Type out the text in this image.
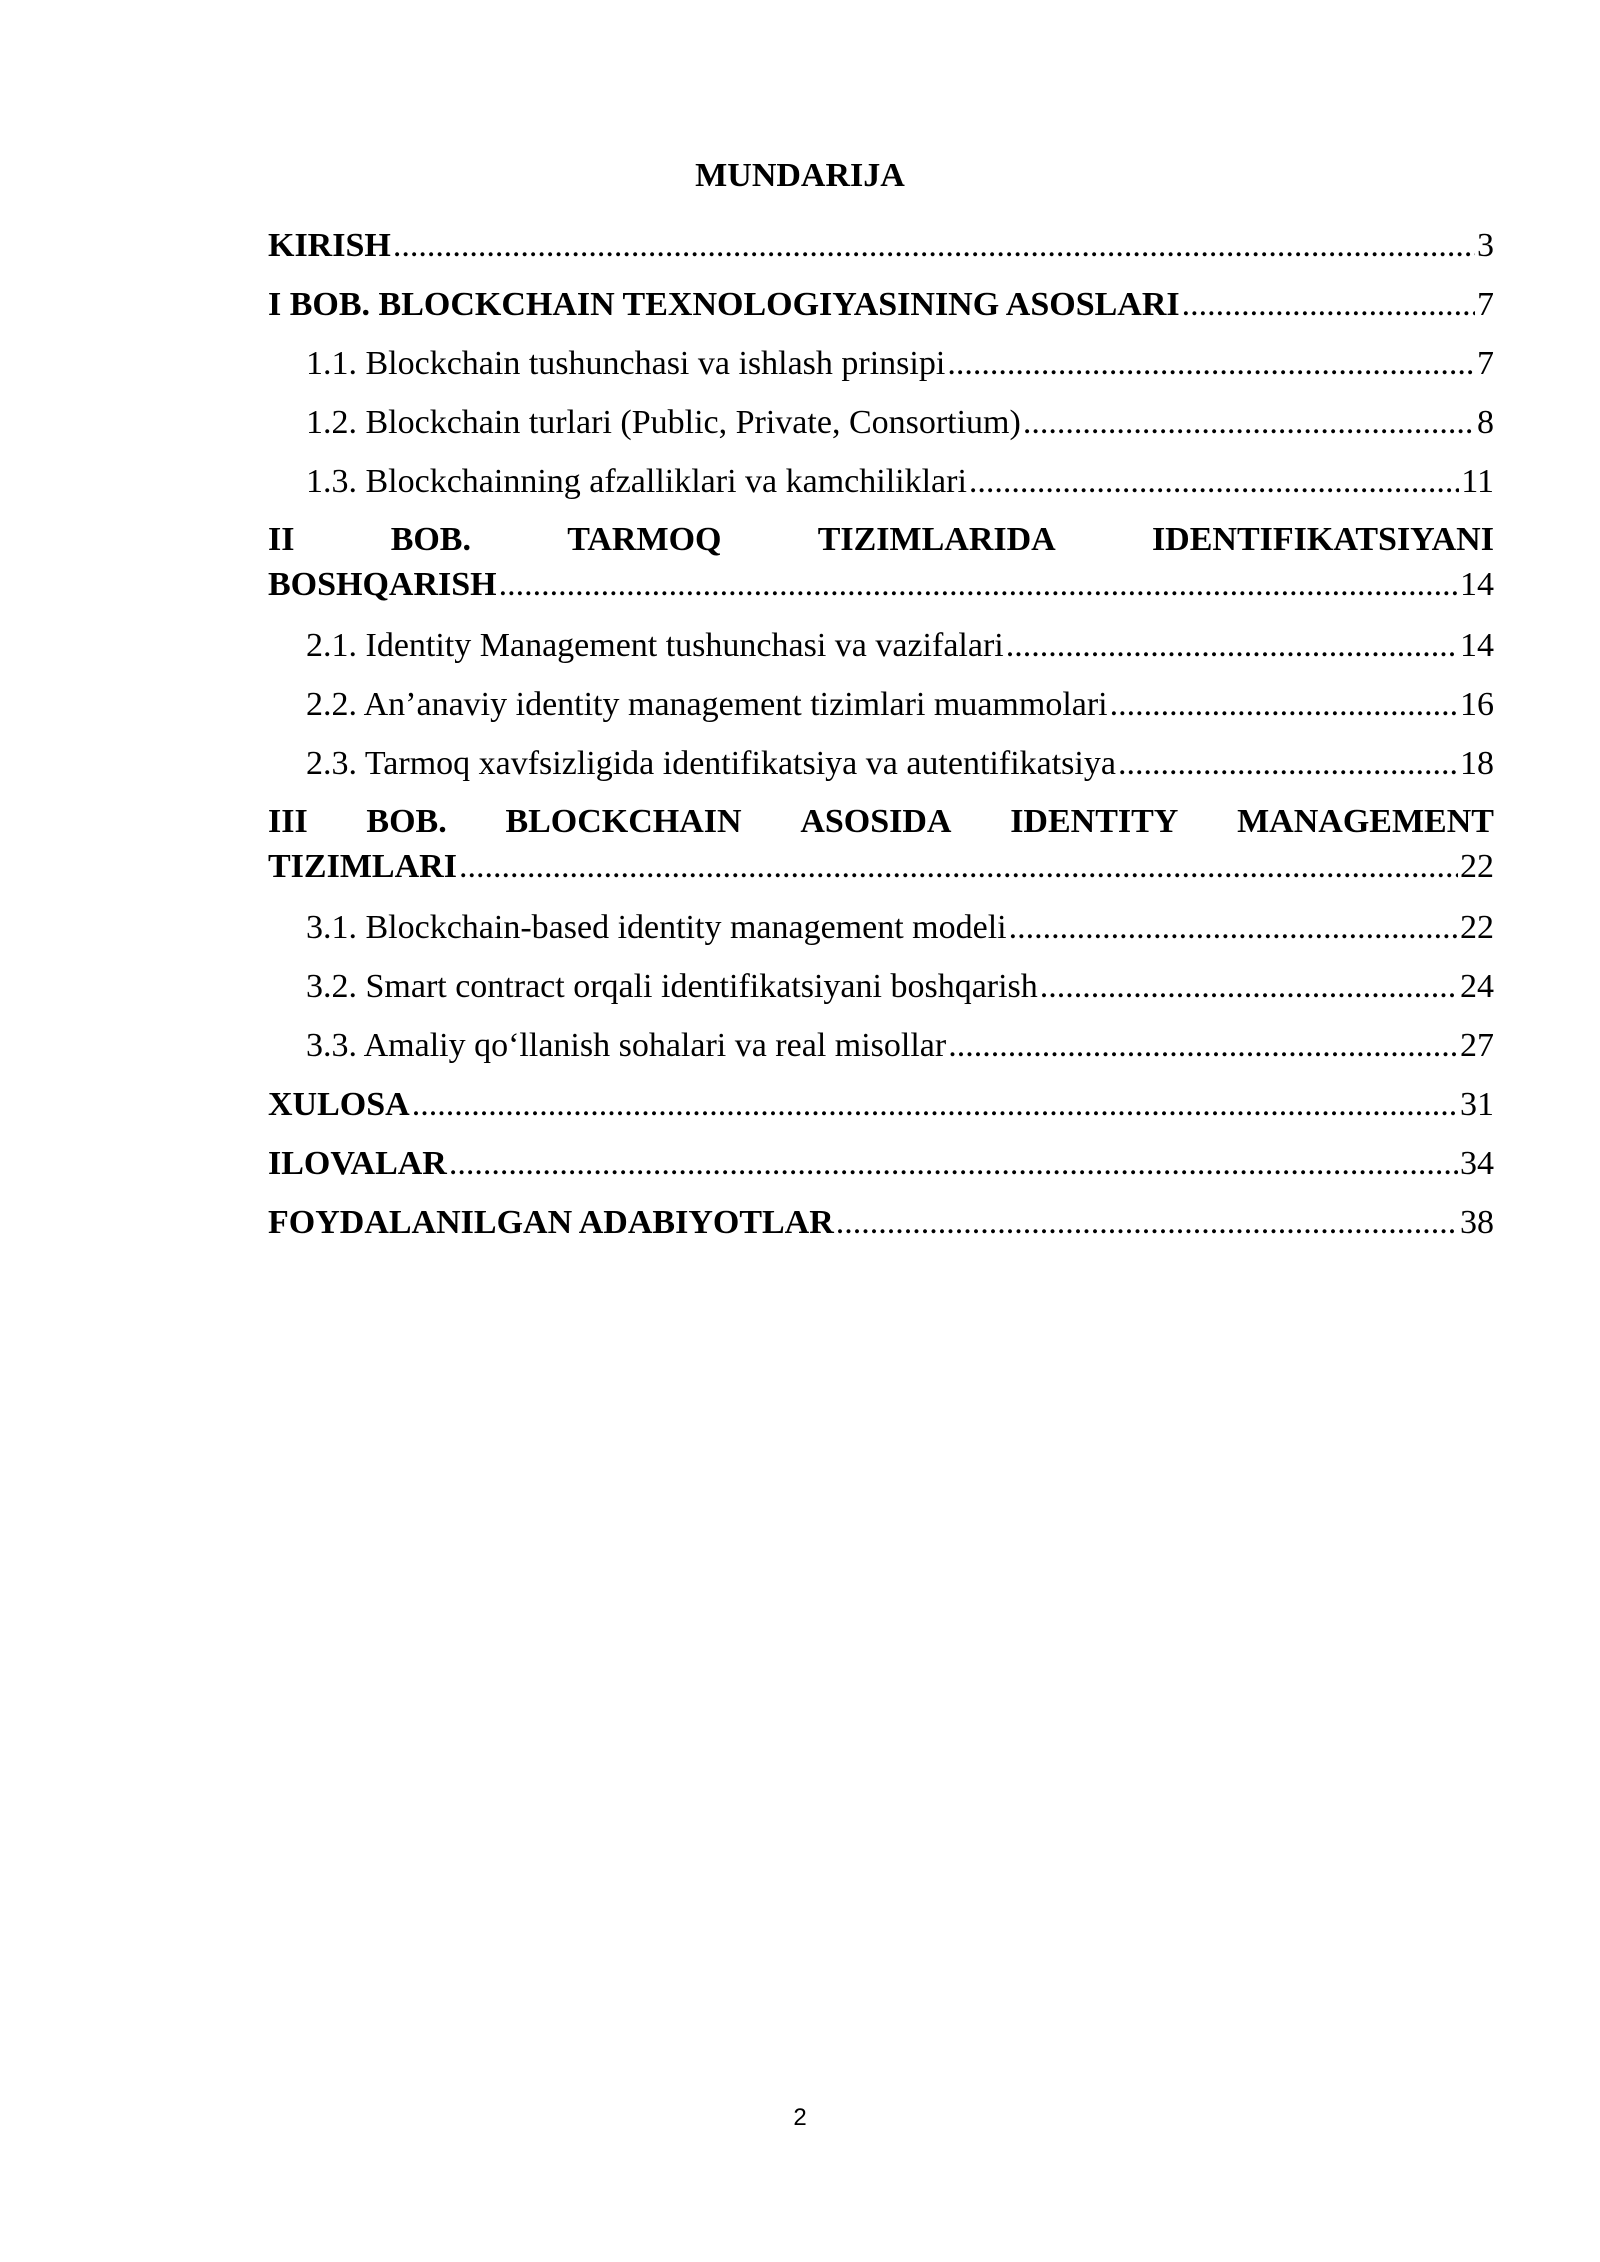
MUNDARIJA
KIRISH .....	3
I BOB. BLOCKCHAIN TEXNOLOGIYASINING ASOSLARI .....	7
1.1. Blockchain tushunchasi va ishlash prinsipi .....	7
1.2. Blockchain turlari (Public, Private, Consortium) .....	8
1.3. Blockchainning afzalliklari va kamchiliklari .....	11
II	BOB.	TARMOQ	TIZIMLARIDA	IDENTIFIKATSIYANI
BOSHQARISH .....	14
2.1. Identity Management tushunchasi va vazifalari .....	14
2.2. An’anaviy identity management tizimlari muammolari .....	16
2.3. Tarmoq xavfsizligida identifikatsiya va autentifikatsiya .....	18
III BOB. BLOCKCHAIN ASOSIDA IDENTITY MANAGEMENT
TIZIMLARI .....	22
3.1. Blockchain-based identity management modeli .....	22
3.2. Smart contract orqali identifikatsiyani boshqarish .....	24
3.3. Amaliy qo‘llanish sohalari va real misollar .....	27
XULOSA .....	31
ILOVALAR .....	34
FOYDALANILGAN ADABIYOTLAR .....	38
2
